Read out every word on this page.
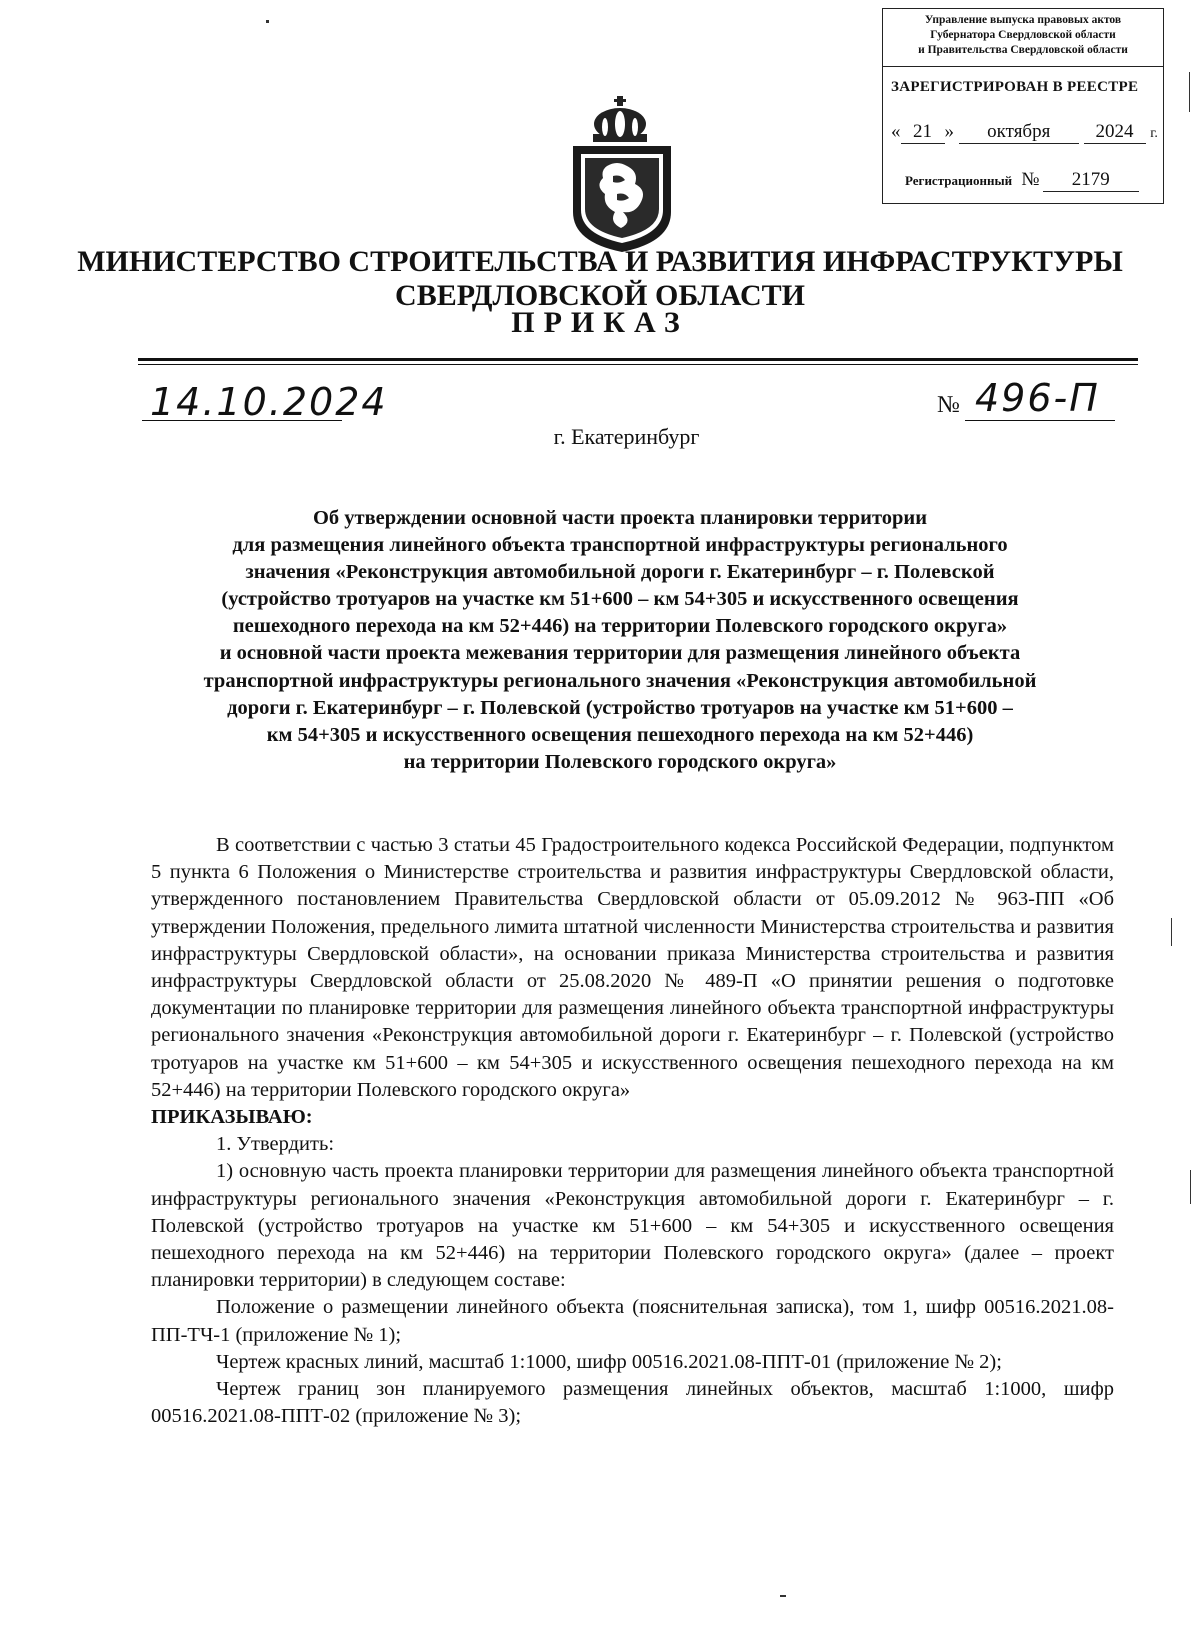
Управление выпуска правовых актов
Губернатора Свердловской области
и Правительства Свердловской области
ЗАРЕГИСТРИРОВАН В РЕЕСТРЕ
« 21 » октября 2024 г.
Регистрационный № 2179
МИНИСТЕРСТВО СТРОИТЕЛЬСТВА И РАЗВИТИЯ ИНФРАСТРУКТУРЫ
СВЕРДЛОВСКОЙ ОБЛАСТИ
ПРИКАЗ
14.10.2024	№ 496-П
г. Екатеринбург
Об утверждении основной части проекта планировки территории
для размещения линейного объекта транспортной инфраструктуры регионального
значения «Реконструкция автомобильной дороги г. Екатеринбург – г. Полевской
(устройство тротуаров на участке км 51+600 – км 54+305 и искусственного освещения
пешеходного перехода на км 52+446) на территории Полевского городского округа»
и основной части проекта межевания территории для размещения линейного объекта
транспортной инфраструктуры регионального значения «Реконструкция автомобильной
дороги г. Екатеринбург – г. Полевской (устройство тротуаров на участке км 51+600 –
км 54+305 и искусственного освещения пешеходного перехода на км 52+446)
на территории Полевского городского округа»

В соответствии с частью 3 статьи 45 Градостроительного кодекса Российской Федерации, подпунктом 5 пункта 6 Положения о Министерстве строительства и развития инфраструктуры Свердловской области, утвержденного постановлением Правительства Свердловской области от 05.09.2012 № 963-ПП «Об утверждении Положения, предельного лимита штатной численности Министерства строительства и развития инфраструктуры Свердловской области», на основании приказа Министерства строительства и развития инфраструктуры Свердловской области от 25.08.2020 № 489-П «О принятии решения о подготовке документации по планировке территории для размещения линейного объекта транспортной инфраструктуры регионального значения «Реконструкция автомобильной дороги г. Екатеринбург – г. Полевской (устройство тротуаров на участке км 51+600 – км 54+305 и искусственного освещения пешеходного перехода на км 52+446) на территории Полевского городского округа»

ПРИКАЗЫВАЮ:

1. Утвердить:

1) основную часть проекта планировки территории для размещения линейного объекта транспортной инфраструктуры регионального значения «Реконструкция автомобильной дороги г. Екатеринбург – г. Полевской (устройство тротуаров на участке км 51+600 – км 54+305 и искусственного освещения пешеходного перехода на км 52+446) на территории Полевского городского округа» (далее – проект планировки территории) в следующем составе:

Положение о размещении линейного объекта (пояснительная записка), том 1, шифр 00516.2021.08-ПП-ТЧ-1 (приложение № 1);

Чертеж красных линий, масштаб 1:1000, шифр 00516.2021.08-ППТ-01 (приложение № 2);

Чертеж границ зон планируемого размещения линейных объектов, масштаб 1:1000, шифр 00516.2021.08-ППТ-02 (приложение № 3);
